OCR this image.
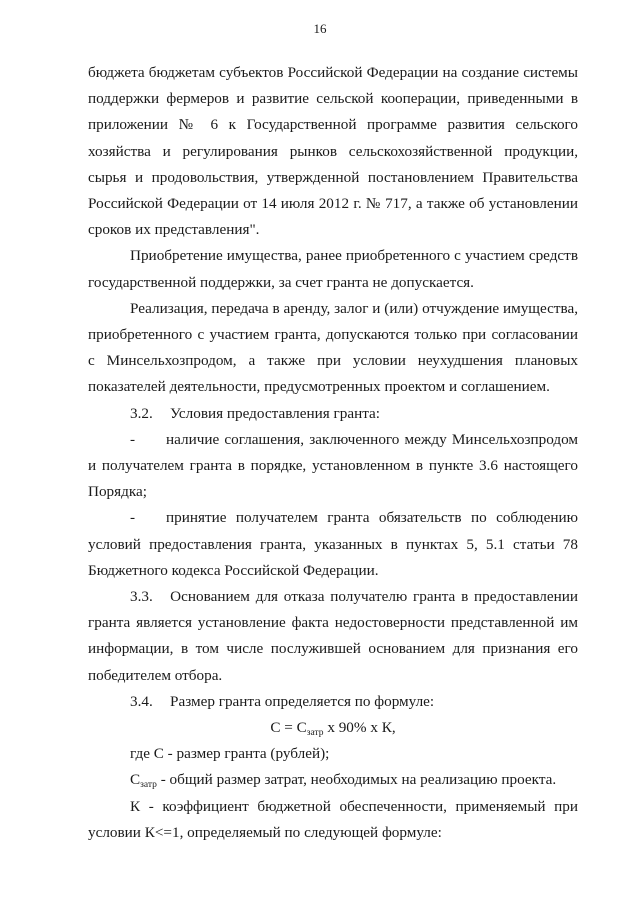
16

бюджета бюджетам субъектов Российской Федерации на создание системы поддержки фермеров и развитие сельской кооперации, приведенными в приложении № 6 к Государственной программе развития сельского хозяйства и регулирования рынков сельскохозяйственной продукции, сырья и продовольствия, утвержденной постановлением Правительства Российской Федерации от 14 июля 2012 г. № 717, а также об установлении сроков их представления".

Приобретение имущества, ранее приобретенного с участием средств государственной поддержки, за счет гранта не допускается.

Реализация, передача в аренду, залог и (или) отчуждение имущества, приобретенного с участием гранта, допускаются только при согласовании с Минсельхозпродом, а также при условии неухудшения плановых показателей деятельности, предусмотренных проектом и соглашением.

3.2. Условия предоставления гранта:

- наличие соглашения, заключенного между Минсельхозпродом и получателем гранта в порядке, установленном в пункте 3.6 настоящего Порядка;

- принятие получателем гранта обязательств по соблюдению условий предоставления гранта, указанных в пунктах 5, 5.1 статьи 78 Бюджетного кодекса Российской Федерации.

3.3. Основанием для отказа получателю гранта в предоставлении гранта является установление факта недостоверности представленной им информации, в том числе послужившей основанием для признания его победителем отбора.

3.4. Размер гранта определяется по формуле:

$С = С_{затр}$ х 90% х К,

где С - размер гранта (рублей);

$С_{затр}$ - общий размер затрат, необходимых на реализацию проекта.

К - коэффициент бюджетной обеспеченности, применяемый при условии К<=1, определяемый по следующей формуле:
